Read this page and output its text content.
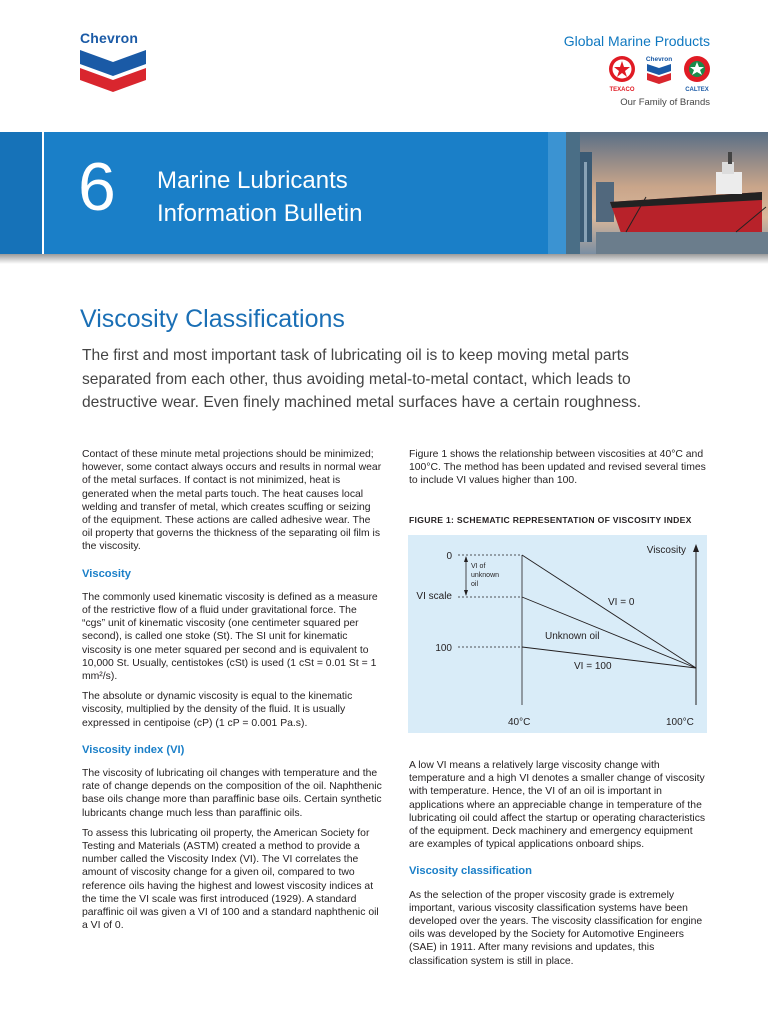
Chevron	Global Marine Products
TEXACO
Chevron
CALTEX
Our Family of Brands
6 Marine Lubricants
Information Bulletin
Viscosity Classifications
The first and most important task of lubricating oil is to keep moving metal parts separated from each other, thus avoiding metal-to-metal contact, which leads to destructive wear. Even finely machined metal surfaces have a certain roughness.

Contact of these minute metal projections should be minimized; however, some contact always occurs and results in normal wear of the metal surfaces. If contact is not minimized, heat is generated when the metal parts touch. The heat causes local welding and transfer of metal, which creates scuffing or seizing of the equipment. These actions are called adhesive wear. The oil property that governs the thickness of the separating oil film is the viscosity.

Viscosity

The commonly used kinematic viscosity is defined as a measure of the restrictive flow of a fluid under gravitational force. The “cgs” unit of kinematic viscosity (one centimeter squared per second), is called one stoke (St). The SI unit for kinematic viscosity is one meter squared per second and is equivalent to 10,000 St. Usually, centistokes (cSt) is used (1 cSt = 0.01 St = 1 mm²/s).

The absolute or dynamic viscosity is equal to the kinematic viscosity, multiplied by the density of the fluid. It is usually expressed in centipoise (cP) (1 cP = 0.001 Pa.s).

Viscosity index (VI)

The viscosity of lubricating oil changes with temperature and the rate of change depends on the composition of the oil. Naphthenic base oils change more than paraffinic base oils. Certain synthetic lubricants change much less than paraffinic oils.

To assess this lubricating oil property, the American Society for Testing and Materials (ASTM) created a method to provide a number called the Viscosity Index (VI). The VI correlates the amount of viscosity change for a given oil, compared to two reference oils having the highest and lowest viscosity indices at the time the VI scale was first introduced (1929). A standard paraffinic oil was given a VI of 100 and a standard naphthenic oil a VI of 0.

Figure 1 shows the relationship between viscosities at 40°C and 100°C. The method has been updated and revised several times to include VI values higher than 100.

FIGURE 1: SCHEMATIC REPRESENTATION OF VISCOSITY INDEX
Viscosity
VI scale
0
100
VI of unknown oil
VI = 0
Unknown oil
VI = 100
40°C	100°C

A low VI means a relatively large viscosity change with temperature and a high VI denotes a smaller change of viscosity with temperature. Hence, the VI of an oil is important in applications where an appreciable change in temperature of the lubricating oil could affect the startup or operating characteristics of the equipment. Deck machinery and emergency equipment are examples of typical applications onboard ships.

Viscosity classification

As the selection of the proper viscosity grade is extremely important, various viscosity classification systems have been developed over the years. The viscosity classification for engine oils was developed by the Society for Automotive Engineers (SAE) in 1911. After many revisions and updates, this classification system is still in place.
